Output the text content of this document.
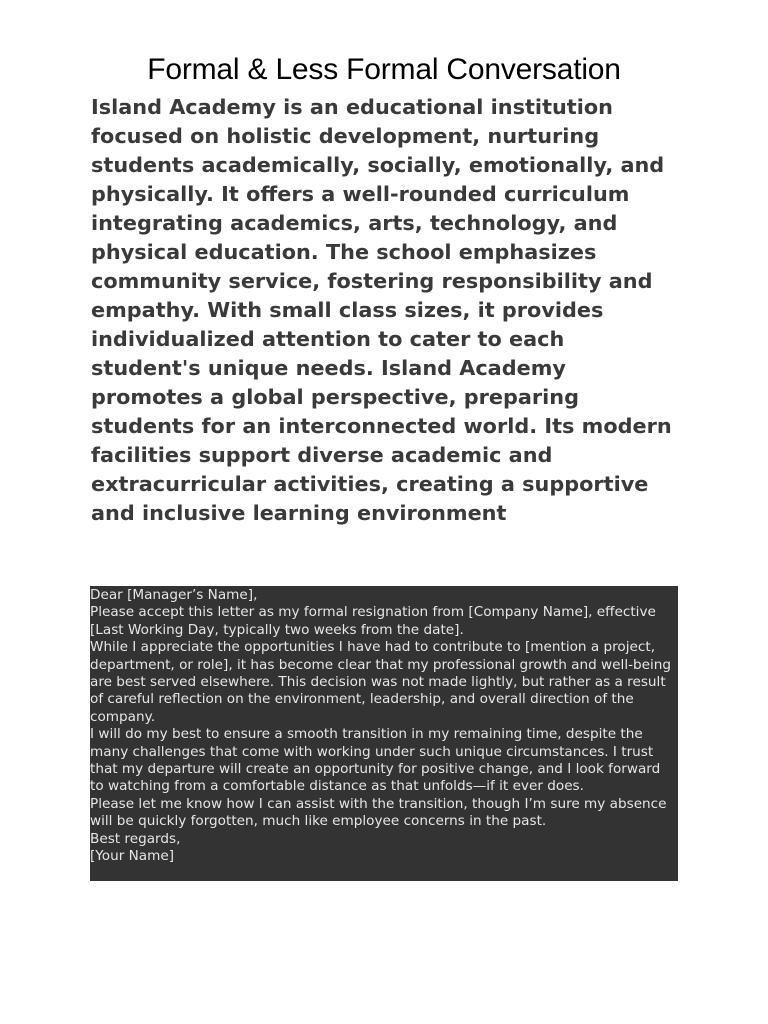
Formal & Less Formal Conversation

Island Academy is an educational institution focused on holistic development, nurturing students academically, socially, emotionally, and physically. It offers a well-rounded curriculum integrating academics, arts, technology, and physical education. The school emphasizes community service, fostering responsibility and empathy. With small class sizes, it provides individualized attention to cater to each student's unique needs. Island Academy promotes a global perspective, preparing students for an interconnected world. Its modern facilities support diverse academic and extracurricular activities, creating a supportive and inclusive learning environment

Dear [Manager’s Name],
Please accept this letter as my formal resignation from [Company Name], effective [Last Working Day, typically two weeks from the date].
While I appreciate the opportunities I have had to contribute to [mention a project, department, or role], it has become clear that my professional growth and well-being are best served elsewhere. This decision was not made lightly, but rather as a result of careful reflection on the environment, leadership, and overall direction of the company.
I will do my best to ensure a smooth transition in my remaining time, despite the many challenges that come with working under such unique circumstances. I trust that my departure will create an opportunity for positive change, and I look forward to watching from a comfortable distance as that unfolds—if it ever does.
Please let me know how I can assist with the transition, though I’m sure my absence will be quickly forgotten, much like employee concerns in the past.
Best regards,
[Your Name]
